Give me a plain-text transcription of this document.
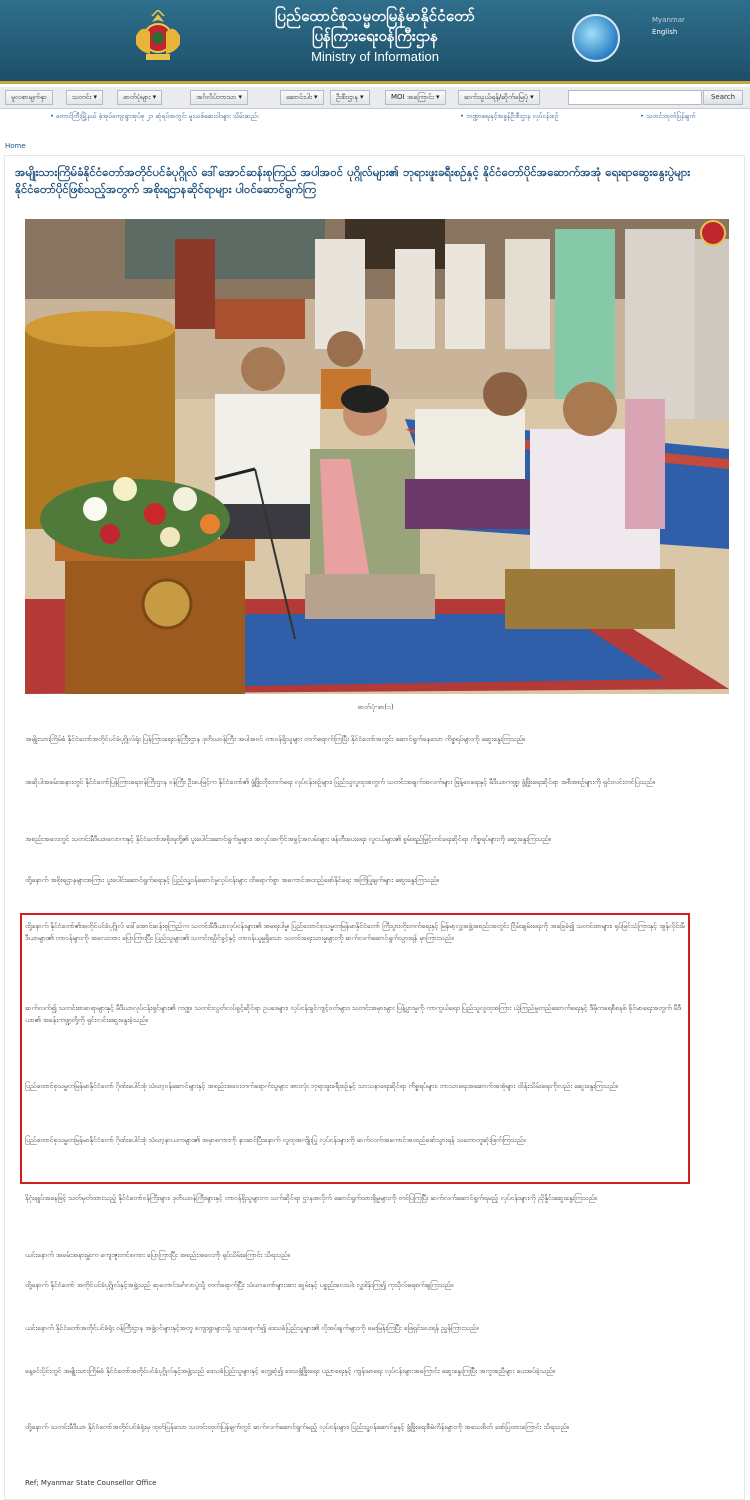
ပြည်ထောင်စုသမ္မတမြန်မာနိုင်ငံတော်
ပြန်ကြားရေးဝန်ကြီးဌာန
Ministry of Information
Myanmar
English
မူလစာမျက်နှာ	သတင်း ▾	ဓာတ်ပုံများ ▾	အင်္ဂလိပ်ဘာသာ ▾	ဆောင်းပါး ▾	ဦးစီးဌာန ▾	MOI အကြောင်း ▾	ဆက်သွယ်ရန်/ဆိုက်မြေပုံ ▾	Search
• တောင်ကြီးမြို့နယ် ခံ့အုပ်ကျေးရွာအုပ်စု ၂၁ ဆုံရပ်အတွင်း မူးယစ်ဆေးဝါးများ သိမ်းဆည်း	• ဘဏ္ဍာရေးနှင့်အခွန်ဦးစီးဌာန လုပ်ငန်းစဉ်	• သတင်းထုတ်ပြန်ချက်
Home
အမျိုးသားကြိမ်ခံနိုင်ငံတော်အတိုင်ပင်ခံပုဂ္ဂိုလ် ဒေါ်အောင်ဆန်းစုကြည် အပါအဝင် ပုဂ္ဂိုလ်များ၏ ဘုရားဖူးခရီးစဉ်နှင့် နိုင်ငံတော်ပိုင်အဆောက်အအုံ ရေးရာဆွေးနွေးပွဲများ နိုင်ငံတော်ပိုင်ဖြစ်သည့်အတွက် အစိုးရဌာနဆိုင်ရာများ ပါဝင်ဆောင်ရွက်ကြ
ဓာတ်ပုံ-စာ(၁)
အမျိုးသားကြိမ်ခံ နိုင်ငံတော်အတိုင်ပင်ခံပုဂ္ဂိုလ်ရုံး ပြန်ကြားရေးဝန်ကြီးဌာန ဒုတိယဝန်ကြီး အပါအဝင် တာဝန်ရှိသူများ တက်ရောက်ကြပြီး နိုင်ငံတော်အတွင်း ဆောင်ရွက်နေသော ကိစ္စရပ်များကို ဆွေးနွေးကြသည်။
အဆိုပါအခမ်းအနားတွင် နိုင်ငံတော်ပြန်ကြားရေးဝန်ကြီးဌာန ဝန်ကြီး ဦးပေမြင့်က နိုင်ငံတော်၏ ဖွံ့ဖြိုးတိုးတက်ရေး လုပ်ငန်းစဉ်များ၊ ပြည်သူလူထုအတွက် သတင်းအချက်အလက်များ ဖြန့်ဝေရေးနှင့် မီဒီယာကဏ္ဍ ဖွံ့ဖြိုးရေးဆိုင်ရာ အစီအစဉ်များကို ရှင်းလင်းတင်ပြသည်။
အစည်းအဝေးတွင် သတင်းမီဒီယာလောကနှင့် နိုင်ငံတော်အစိုးရတို့၏ ပူးပေါင်းဆောင်ရွက်မှုများ၊ အလုပ်အကိုင်အခွင့်အလမ်းများ ဖန်တီးပေးရေး၊ လူငယ်များ၏ စွမ်းရည်မြှင့်တင်ရေးဆိုင်ရာ ကိစ္စရပ်များကို ဆွေးနွေးကြသည်။
ထို့နောက် အစိုးရဌာနများအကြား ပူးပေါင်းဆောင်ရွက်ရေးနှင့် ပြည်သူ့ဝန်ဆောင်မှုလုပ်ငန်းများ ထိရောက်စွာ အကောင်အထည်ဖော်နိုင်ရေး အကြံပြုချက်များ ဆွေးနွေးကြသည်။
ထို့နောက် နိုင်ငံတော်၏အတိုင်ပင်ခံပုဂ္ဂိုလ် ဒေါ်အောင်ဆန်းစုကြည်က သတင်းမီဒီယာလုပ်ငန်းများ၏ အရေးပါမှု၊ ပြည်ထောင်စုသမ္မတမြန်မာနိုင်ငံတော် ကြီးပွားတိုးတက်ရေးနှင့် မြန်မာ့လူ့အဖွဲ့အစည်းအတွင်း ငြိမ်းချမ်းရေးကို အခြေခံ၍ သတင်းစာများ၊ ရုပ်မြင်သံကြားနှင့် အွန်လိုင်းမီဒီယာများ၏ တာဝန်များကို အလေးထား ပြောကြားပြီး ပြည်သူများ၏ သတင်းရပိုင်ခွင့်နှင့် တာဝန်ယူမှုရှိသော သတင်းရေးသားမှုများကို ဆက်လက်ဆောင်ရွက်သွားရန် မှာကြားသည်။
ဆက်လက်၍ သတင်းစာဆရာများနှင့် မီဒီယာလုပ်ငန်းရှင်များ၏ ကဏ္ဍ၊ သတင်းလွတ်လပ်ခွင့်ဆိုင်ရာ ဥပဒေများ၊ လုပ်ငန်းခွင်ကျင့်ဝတ်များ၊ သတင်းအမှားများ ပြန့်ပွားမှုကို ကာကွယ်ရေး၊ ပြည်သူလူထုအကြား ယုံကြည်မှုတည်ဆောက်ရေးနှင့် ဒီမိုကရေစီစနစ် ခိုင်မာရေးအတွက် မီဒီယာ၏ အခန်းကဏ္ဍတို့ကို ရှင်းလင်းဆွေးနွေးခဲ့သည်။
ပြည်ထောင်စုသမ္မတမြန်မာနိုင်ငံတော် ဂိုဏ်းပေါင်းစုံ သံဃာ့ဝန်ဆောင်များနှင့် အစည်းအဝေးတက်ရောက်သူများ အားလုံး ဘုရားဖူးခရီးစဉ်နှင့် သာသနာရေးဆိုင်ရာ ကိစ္စရပ်များ၊ ဘာသာရေးအဆောက်အအုံများ ထိန်းသိမ်းရေးကိုလည်း ဆွေးနွေးကြသည်။
ပြည်ထောင်စုသမ္မတမြန်မာနိုင်ငံတော် ဂိုဏ်းပေါင်းစုံ သံဃာ့နာယကများ၏ အမှာစကားကို နားဆင်ပြီးနောက် လူထုအကျိုးပြု လုပ်ငန်းများကို ဆက်လက်အကောင်အထည်ဖော်သွားရန် သဘောတူဆုံးဖြတ်ကြသည်။
နိဂုံးချုပ်အနေဖြင့် သတ်မှတ်ထားသည့် နိုင်ငံတော်ဝန်ကြီးများ၊ ဒုတိယဝန်ကြီးများနှင့် တာဝန်ရှိသူများက သက်ဆိုင်ရာ ဌာနအလိုက် ဆောင်ရွက်ထားရှိမှုများကို တင်ပြကြပြီး ဆက်လက်ဆောင်ရွက်ရမည့် လုပ်ငန်းများကို ညှိနှိုင်းဆွေးနွေးကြသည်။
ယင်းနောက် အခမ်းအနားမှူးက ကျေးဇူးတင်စကား ပြောကြားပြီး အစည်းအဝေးကို ရုပ်သိမ်းကြောင်း သိရသည်။
ထို့နောက် နိုင်ငံတော် အတိုင်ပင်ခံပုဂ္ဂိုလ်နှင့်အဖွဲ့သည် ဆုတောင်းမင်္ဂလာပွဲသို့ တက်ရောက်ပြီး သံဃာတော်များအား ဆွမ်းနှင့် ပစ္စည်းလေးပါး လှူဒါန်းကြ၍ ကုသိုလ်ရေစက်ချကြသည်။
ယင်းနောက် နိုင်ငံတော်အတိုင်ပင်ခံရုံး ဝန်ကြီးဌာန အဖွဲ့ဝင်များနှင့်အတူ ကျေးရွာများသို့ သွားရောက်၍ ဒေသခံပြည်သူများ၏ လိုအပ်ချက်များကို မေးမြန်းကြပြီး ဖြေရှင်းပေးရန် ညွှန်ကြားသည်။
နေ့ခင်းပိုင်းတွင် အမျိုးသားကြိမ်ခံ နိုင်ငံတော်အတိုင်ပင်ခံပုဂ္ဂိုလ်နှင့်အဖွဲ့သည် ဒေသခံပြည်သူများနှင့် တွေ့ဆုံ၍ ဒေသဖွံ့ဖြိုးရေး၊ ပညာရေးနှင့် ကျန်းမာရေး လုပ်ငန်းများအကြောင်း ဆွေးနွေးကြပြီး အကူအညီများ ပေးအပ်ခဲ့သည်။
ထို့နောက် သတင်းမီဒီယာ နိုင်ငံတော်အတိုင်ပင်ခံရုံးမှ ထုတ်ပြန်သော သတင်းထုတ်ပြန်ချက်တွင် ဆက်လက်ဆောင်ရွက်မည့် လုပ်ငန်းများ၊ ပြည်သူ့ဝန်ဆောင်မှုနှင့် ဖွံ့ဖြိုးရေးစီမံကိန်းများကို အသေးစိတ် ဖော်ပြထားကြောင်း သိရသည်။
Ref; Myanmar State Counsellor Office
